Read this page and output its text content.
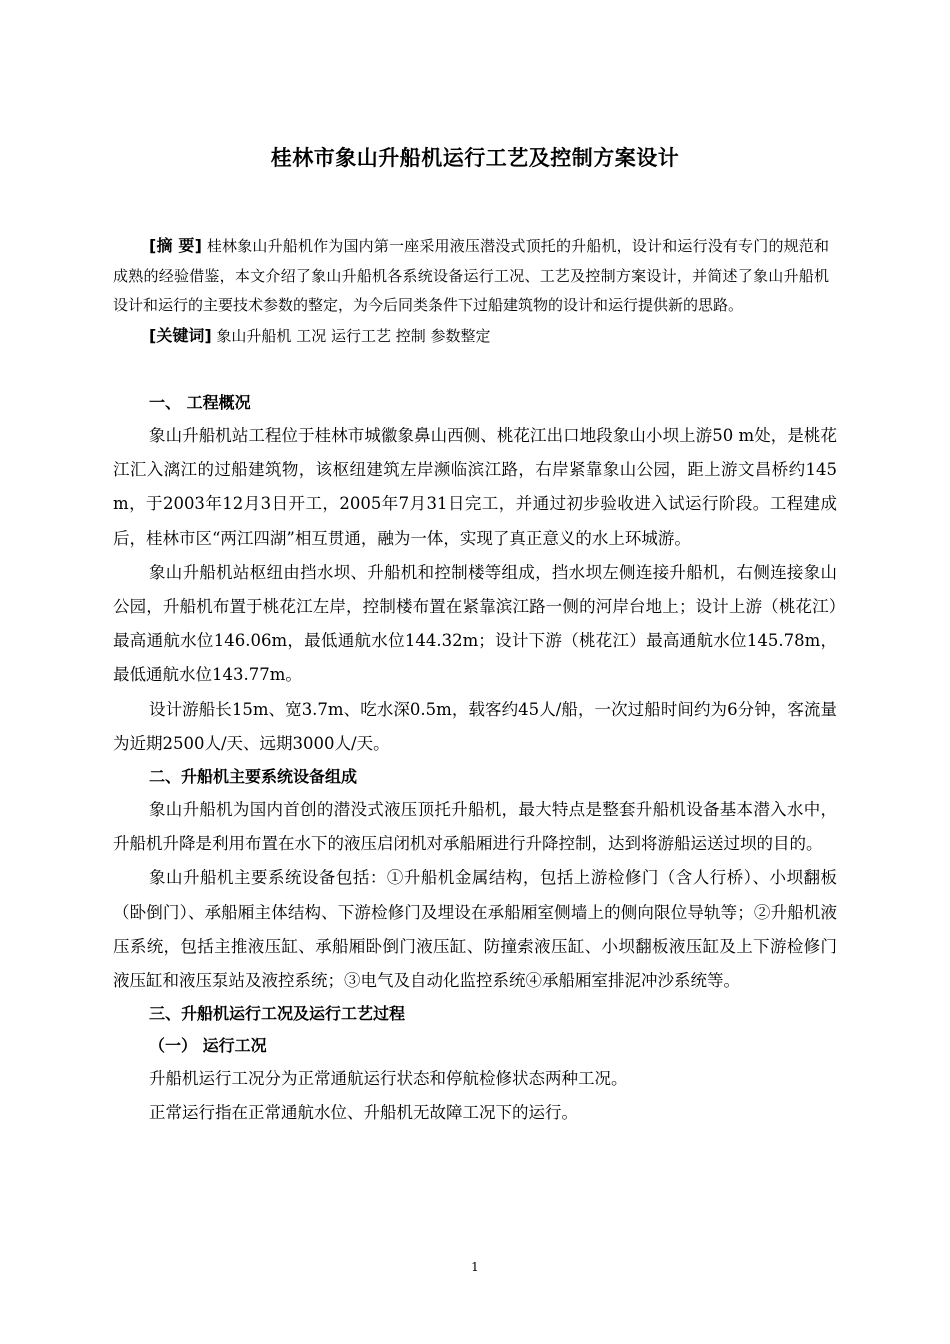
桂林市象山升船机运行工艺及控制方案设计

[摘 要] 桂林象山升船机作为国内第一座采用液压潜没式顶托的升船机，设计和运行没有专门的规范和成熟的经验借鉴，本文介绍了象山升船机各系统设备运行工况、工艺及控制方案设计，并简述了象山升船机设计和运行的主要技术参数的整定，为今后同类条件下过船建筑物的设计和运行提供新的思路。

[关键词] 象山升船机 工况 运行工艺 控制 参数整定

一、 工程概况

象山升船机站工程位于桂林市城徽象鼻山西侧、桃花江出口地段象山小坝上游50 m处，是桃花江汇入漓江的过船建筑物，该枢纽建筑左岸濒临滨江路，右岸紧靠象山公园，距上游文昌桥约145 m，于2003年12月3日开工，2005年7月31日完工，并通过初步验收进入试运行阶段。工程建成后，桂林市区“两江四湖”相互贯通，融为一体，实现了真正意义的水上环城游。

象山升船机站枢纽由挡水坝、升船机和控制楼等组成，挡水坝左侧连接升船机，右侧连接象山公园，升船机布置于桃花江左岸，控制楼布置在紧靠滨江路一侧的河岸台地上；设计上游（桃花江）最高通航水位146.06m，最低通航水位144.32m；设计下游（桃花江）最高通航水位145.78m，最低通航水位143.77m。

设计游船长15m、宽3.7m、吃水深0.5m，载客约45人/船，一次过船时间约为6分钟，客流量为近期2500人/天、远期3000人/天。

二、升船机主要系统设备组成

象山升船机为国内首创的潜没式液压顶托升船机，最大特点是整套升船机设备基本潜入水中，升船机升降是利用布置在水下的液压启闭机对承船厢进行升降控制，达到将游船运送过坝的目的。

象山升船机主要系统设备包括：①升船机金属结构，包括上游检修门（含人行桥）、小坝翻板（卧倒门）、承船厢主体结构、下游检修门及埋设在承船厢室侧墙上的侧向限位导轨等；②升船机液压系统，包括主推液压缸、承船厢卧倒门液压缸、防撞索液压缸、小坝翻板液压缸及上下游检修门液压缸和液压泵站及液控系统；③电气及自动化监控系统④承船厢室排泥冲沙系统等。

三、升船机运行工况及运行工艺过程
（一） 运行工况

升船机运行工况分为正常通航运行状态和停航检修状态两种工况。

正常运行指在正常通航水位、升船机无故障工况下的运行。

1
